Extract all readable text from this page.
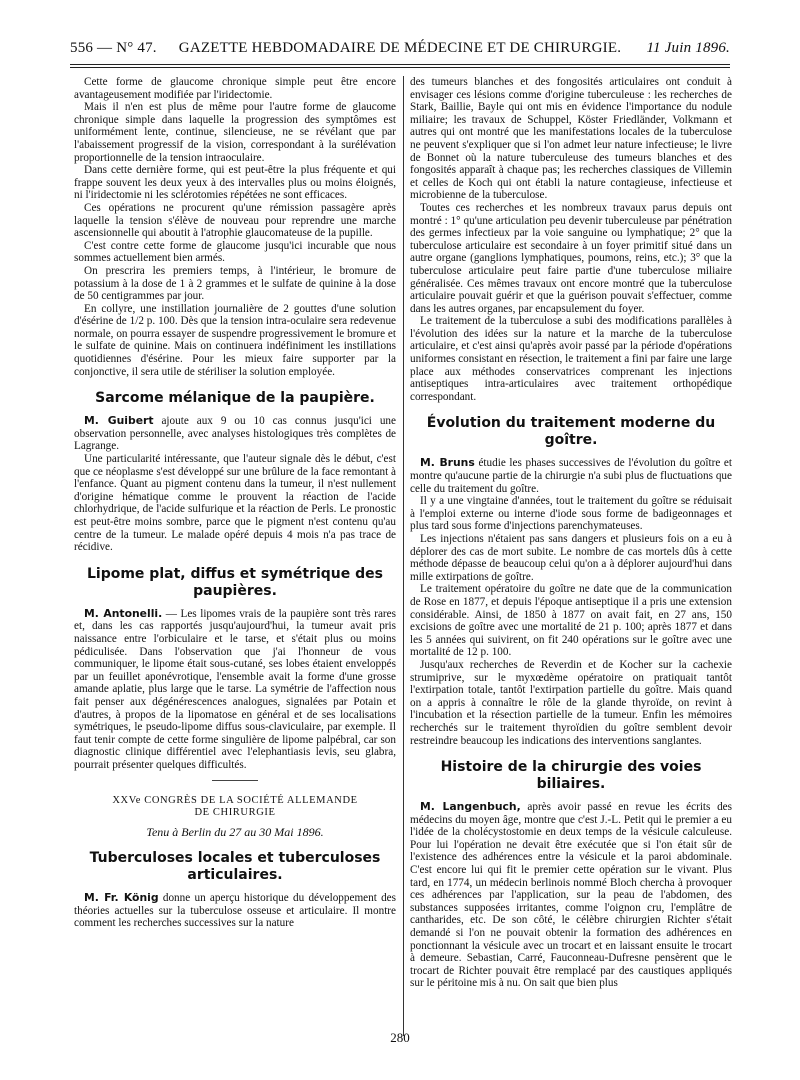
556 — N° 47.	GAZETTE HEBDOMADAIRE DE MÉDECINE ET DE CHIRURGIE.	11 Juin 1896.

Cette forme de glaucome chronique simple peut être encore avantageusement modifiée par l'iridectomie.

Mais il n'en est plus de même pour l'autre forme de glaucome chronique simple dans laquelle la progression des symptômes est uniformément lente, continue, silencieuse, ne se révélant que par l'abaissement progressif de la vision, correspondant à la surélévation proportionnelle de la tension intraoculaire.

Dans cette dernière forme, qui est peut-être la plus fréquente et qui frappe souvent les deux yeux à des intervalles plus ou moins éloignés, ni l'iridectomie ni les sclérotomies répétées ne sont efficaces.

Ces opérations ne procurent qu'une rémission passagère après laquelle la tension s'élève de nouveau pour reprendre une marche ascensionnelle qui aboutit à l'atrophie glaucomateuse de la pupille.

C'est contre cette forme de glaucome jusqu'ici incurable que nous sommes actuellement bien armés.

On prescrira les premiers temps, à l'intérieur, le bromure de potassium à la dose de 1 à 2 grammes et le sulfate de quinine à la dose de 50 centigrammes par jour.

En collyre, une instillation journalière de 2 gouttes d'une solution d'ésérine de 1/2 p. 100. Dès que la tension intra-oculaire sera redevenue normale, on pourra essayer de suspendre progressivement le bromure et le sulfate de quinine. Mais on continuera indéfiniment les instillations quotidiennes d'ésérine. Pour les mieux faire supporter par la conjonctive, il sera utile de stériliser la solution employée.

Sarcome mélanique de la paupière.

M. Guibert ajoute aux 9 ou 10 cas connus jusqu'ici une observation personnelle, avec analyses histologiques très complètes de Lagrange.

Une particularité intéressante, que l'auteur signale dès le début, c'est que ce néoplasme s'est développé sur une brûlure de la face remontant à l'enfance. Quant au pigment contenu dans la tumeur, il n'est nullement d'origine hématique comme le prouvent la réaction de l'acide chlorhydrique, de l'acide sulfurique et la réaction de Perls. Le pronostic est peut-être moins sombre, parce que le pigment n'est contenu qu'au centre de la tumeur. Le malade opéré depuis 4 mois n'a pas trace de récidive.

Lipome plat, diffus et symétrique des paupières.

M. Antonelli. — Les lipomes vrais de la paupière sont très rares et, dans les cas rapportés jusqu'aujourd'hui, la tumeur avait pris naissance entre l'orbiculaire et le tarse, et s'était plus ou moins pédiculisée. Dans l'observation que j'ai l'honneur de vous communiquer, le lipome était sous-cutané, ses lobes étaient enveloppés par un feuillet aponévrotique, l'ensemble avait la forme d'une grosse amande aplatie, plus large que le tarse. La symétrie de l'affection nous fait penser aux dégénérescences analogues, signalées par Potain et d'autres, à propos de la lipomatose en général et de ses localisations symétriques, le pseudo-lipome diffus sous-claviculaire, par exemple. Il faut tenir compte de cette forme singulière de lipome palpébral, car son diagnostic clinique différentiel avec l'elephantiasis levis, seu glabra, pourrait présenter quelques difficultés.

XXVe CONGRÈS DE LA SOCIÉTÉ ALLEMANDE
DE CHIRURGIE
Tenu à Berlin du 27 au 30 Mai 1896.
Tuberculoses locales et tuberculoses articulaires.

M. Fr. König donne un aperçu historique du développement des théories actuelles sur la tuberculose osseuse et articulaire. Il montre comment les recherches successives sur la nature

des tumeurs blanches et des fongosités articulaires ont conduit à envisager ces lésions comme d'origine tuberculeuse : les recherches de Stark, Baillie, Bayle qui ont mis en évidence l'importance du nodule miliaire; les travaux de Schuppel, Köster Friedländer, Volkmann et autres qui ont montré que les manifestations locales de la tuberculose ne peuvent s'expliquer que si l'on admet leur nature infectieuse; le livre de Bonnet où la nature tuberculeuse des tumeurs blanches et des fongosités apparaît à chaque pas; les recherches classiques de Villemin et celles de Koch qui ont établi la nature contagieuse, infectieuse et microbienne de la tuberculose.

Toutes ces recherches et les nombreux travaux parus depuis ont montré : 1° qu'une articulation peu devenir tuberculeuse par pénétration des germes infectieux par la voie sanguine ou lymphatique; 2° que la tuberculose articulaire est secondaire à un foyer primitif situé dans un autre organe (ganglions lymphatiques, poumons, reins, etc.); 3° que la tuberculose articulaire peut faire partie d'une tuberculose miliaire généralisée. Ces mêmes travaux ont encore montré que la tuberculose articulaire pouvait guérir et que la guérison pouvait s'effectuer, comme dans les autres organes, par encapsulement du foyer.

Le traitement de la tuberculose a subi des modifications parallèles à l'évolution des idées sur la nature et la marche de la tuberculose articulaire, et c'est ainsi qu'après avoir passé par la période d'opérations uniformes consistant en résection, le traitement a fini par faire une large place aux méthodes conservatrices comprenant les injections antiseptiques intra-articulaires avec traitement orthopédique correspondant.

Évolution du traitement moderne du goître.

M. Bruns étudie les phases successives de l'évolution du goître et montre qu'aucune partie de la chirurgie n'a subi plus de fluctuations que celle du traitement du goître.

Il y a une vingtaine d'années, tout le traitement du goître se réduisait à l'emploi externe ou interne d'iode sous forme de badigeonnages et plus tard sous forme d'injections parenchymateuses.

Les injections n'étaient pas sans dangers et plusieurs fois on a eu à déplorer des cas de mort subite. Le nombre de cas mortels dûs à cette méthode dépasse de beaucoup celui qu'on a à déplorer aujourd'hui dans mille extirpations de goître.

Le traitement opératoire du goître ne date que de la communication de Rose en 1877, et depuis l'époque antiseptique il a pris une extension considérable. Ainsi, de 1850 à 1877 on avait fait, en 27 ans, 150 excisions de goître avec une mortalité de 21 p. 100; après 1877 et dans les 5 années qui suivirent, on fit 240 opérations sur le goître avec une mortalité de 12 p. 100.

Jusqu'aux recherches de Reverdin et de Kocher sur la cachexie strumiprive, sur le myxœdème opératoire on pratiquait tantôt l'extirpation totale, tantôt l'extirpation partielle du goître. Mais quand on a appris à connaître le rôle de la glande thyroïde, on revint à l'incubation et la résection partielle de la tumeur. Enfin les mémoires recherchés sur le traitement thyroïdien du goître semblent devoir restreindre beaucoup les indications des interventions sanglantes.

Histoire de la chirurgie des voies biliaires.

M. Langenbuch, après avoir passé en revue les écrits des médecins du moyen âge, montre que c'est J.-L. Petit qui le premier a eu l'idée de la cholécystostomie en deux temps de la vésicule calculeuse. Pour lui l'opération ne devait être exécutée que si l'on était sûr de l'existence des adhérences entre la vésicule et la paroi abdominale. C'est encore lui qui fit le premier cette opération sur le vivant. Plus tard, en 1774, un médecin berlinois nommé Bloch chercha à provoquer ces adhérences par l'application, sur la peau de l'abdomen, des substances supposées irritantes, comme l'oignon cru, l'emplâtre de cantharides, etc. De son côté, le célèbre chirurgien Richter s'était demandé si l'on ne pouvait obtenir la formation des adhérences en ponctionnant la vésicule avec un trocart et en laissant ensuite le trocart à demeure. Sebastian, Carré, Fauconneau-Dufresne pensèrent que le trocart de Richter pouvait être remplacé par des caustiques appliqués sur le péritoine mis à nu. On sait que bien plus

280
